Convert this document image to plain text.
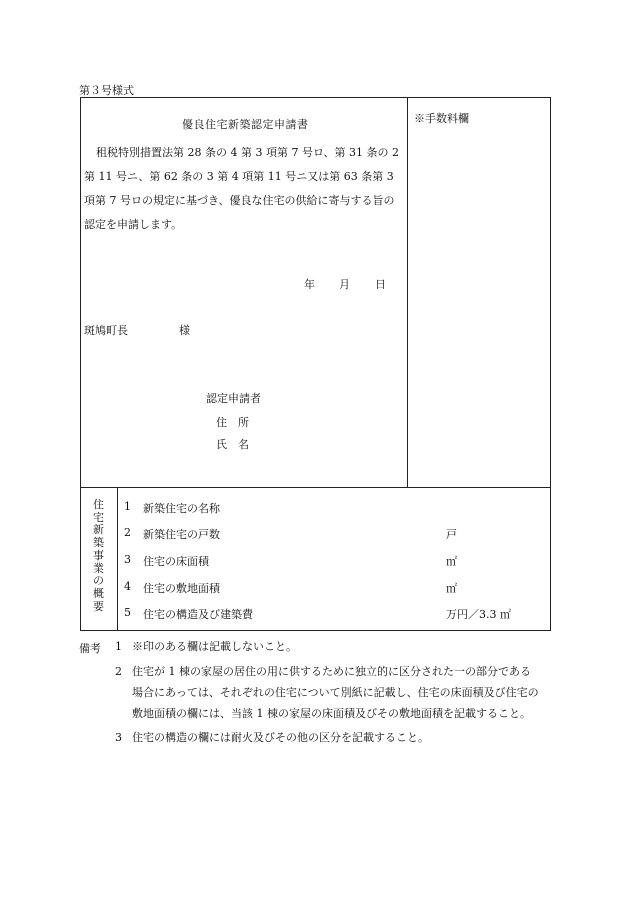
第３号様式
優良住宅新築認定申請書	※手数料欄
租税特別措置法第 28 条の 4 第 3 項第 7 号ロ、第 31 条の 2 第 11 号ニ、第 62 条の 3 第 4 項第 11 号ニ又は第 63 条第 3 項第 7 号ロの規定に基づき、優良な住宅の供給に寄与する旨の認定を申請します。
年 月 日
斑鳩町長	様
認定申請者
住　所
氏　名
住宅新築事業の概要
1 新築住宅の名称
2 新築住宅の戸数	戸
3 住宅の床面積	㎡
4 住宅の敷地面積	㎡
5 住宅の構造及び建築費	万円／3.3 ㎡
備考 1 ※印のある欄は記載しないこと。
2 住宅が 1 棟の家屋の居住の用に供するために独立的に区分された一の部分である
場合にあっては、それぞれの住宅について別紙に記載し、住宅の床面積及び住宅の
敷地面積の欄には、当該 1 棟の家屋の床面積及びその敷地面積を記載すること。
3 住宅の構造の欄には耐火及びその他の区分を記載すること。
